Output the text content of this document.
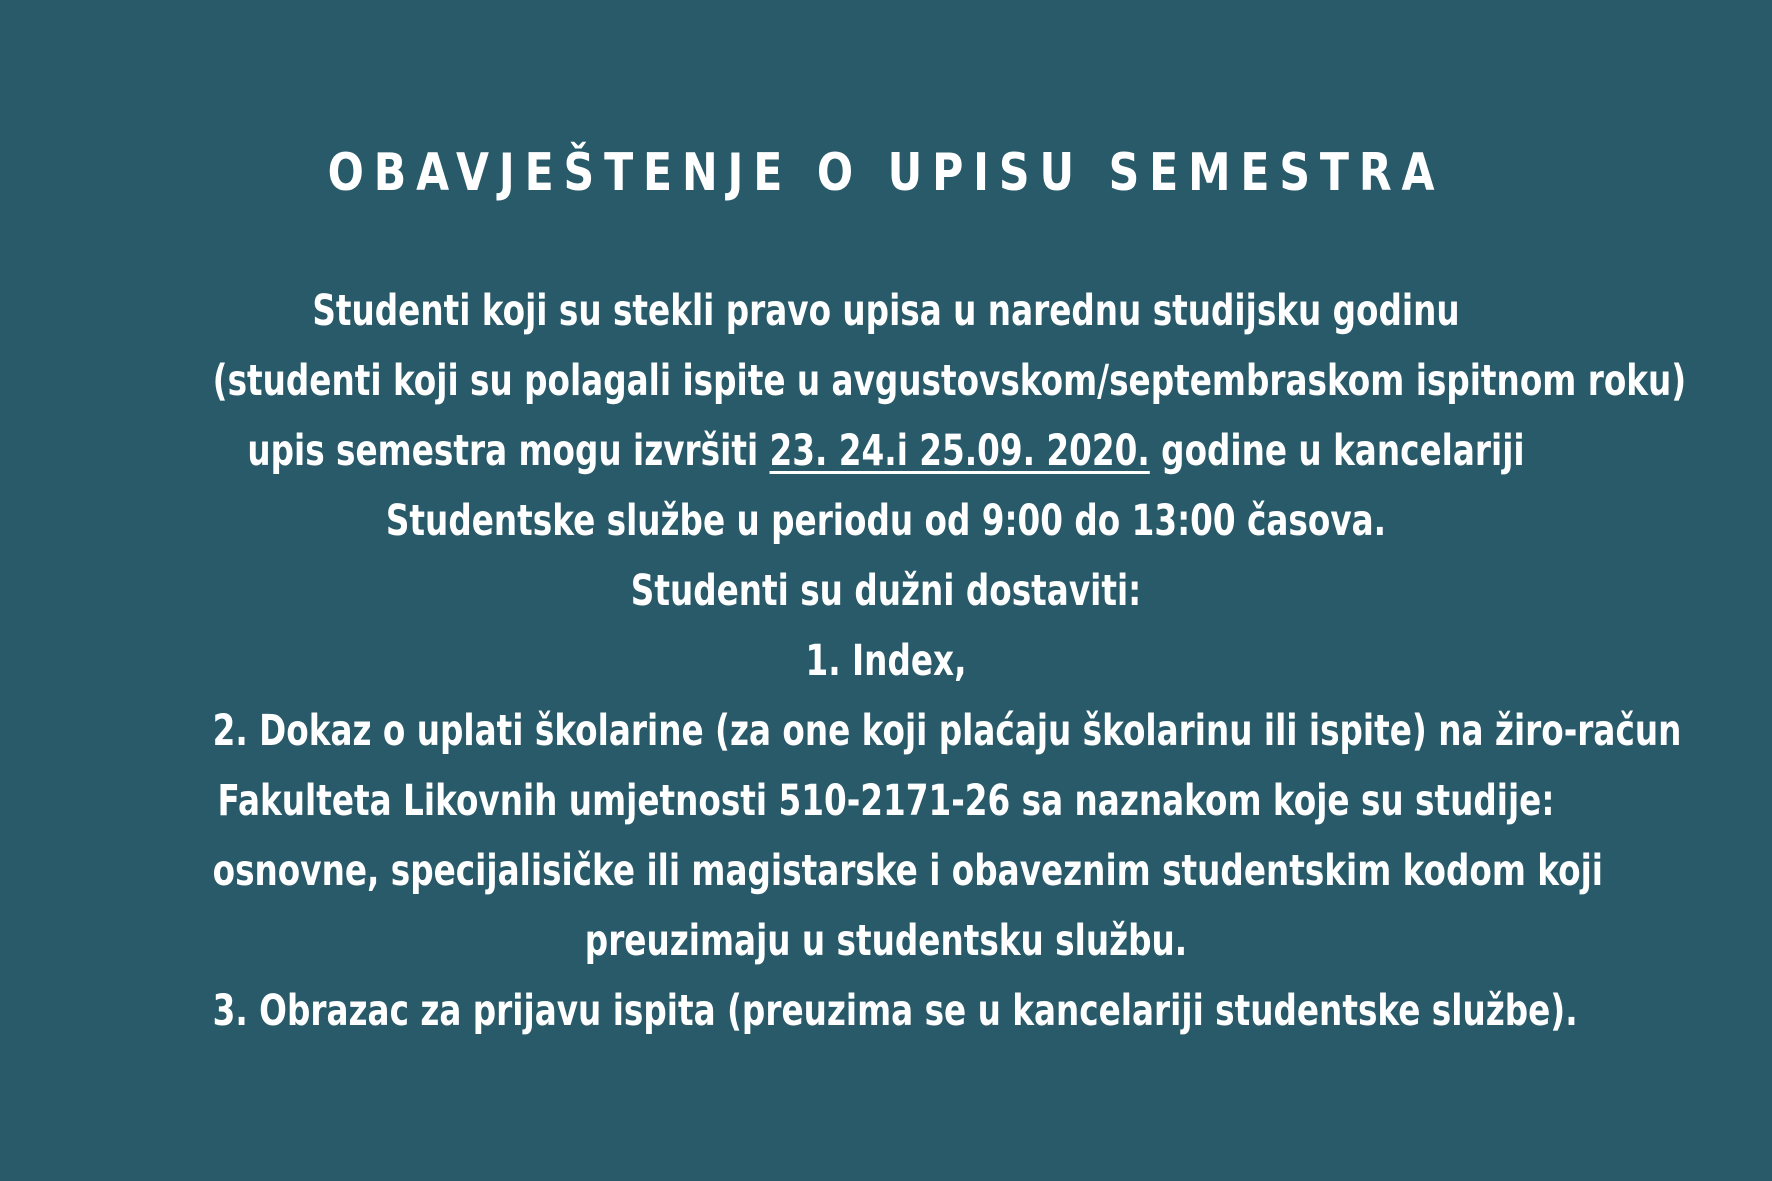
OBAVJEŠTENJE O UPISU SEMESTRA
Studenti koji su stekli pravo upisa u narednu studijsku godinu
(studenti koji su polagali ispite u avgustovskom/septembraskom ispitnom roku)
upis semestra mogu izvršiti 23. 24.i 25.09. 2020. godine u kancelariji
Studentske službe u periodu od 9:00 do 13:00 časova.
Studenti su dužni dostaviti:
1. Index,
2. Dokaz o uplati školarine (za one koji plaćaju školarinu ili ispite) na žiro-račun
Fakulteta Likovnih umjetnosti 510-2171-26 sa naznakom koje su studije:
osnovne, specijalisičke ili magistarske i obaveznim studentskim kodom koji
preuzimaju u studentsku službu.
3. Obrazac za prijavu ispita (preuzima se u kancelariji studentske službe).
